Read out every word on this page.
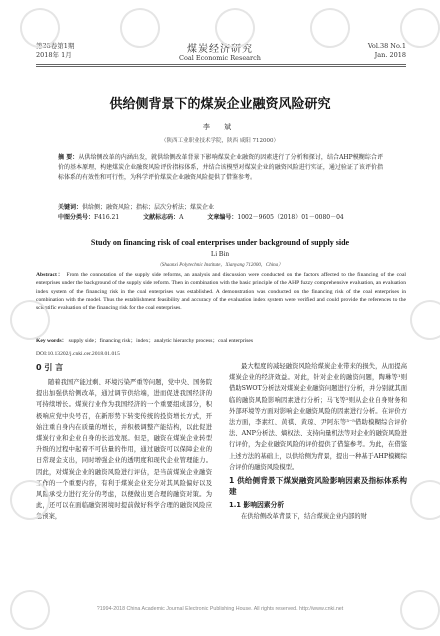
第38卷第1期
2018年 1月	煤炭经济研究
Coal Economic Research
Vol.38 No.1
Jan. 2018
供给侧背景下的煤炭企业融资风险研究
李 斌
（陕西工业职业技术学院，陕西 咸阳 712000）
摘 要：从供给侧改革的内涵出发，就供给侧改革背景下影响煤炭企业融资的因素进行了分析和探讨，结合AHP模糊综合评价的基本原理，构建煤炭企业融资风险评价指标体系，并结合该模型对煤炭企业的融资风险进行实证，通过验证了该评价指标体系的有效性和可行性，为科学评价煤炭企业融资风险提供了借鉴参考。
关键词：供给侧；融资风险；指标；层次分析法；煤炭企业
中图分类号：F416.21	文献标志码：A	文章编号：1002－9605（2018）01－0080－04
Study on financing risk of coal enterprises under background of supply side
Li Bin
（Shaanxi Polytechnic Institute，Xianyang 712000，China）
Abstract： From the connotation of the supply side reforms, an analysis and discussion were conducted on the factors affected to the financing of the coal enterprises under the background of the supply side reform. Then in combination with the basic principle of the AHP fuzzy comprehensive evaluation, an evaluation index system of the financing risk in the coal enterprises was established. A demonstration was conducted on the financing risk of the coal enterprises in combination with the model. Thus the establishment feasibility and accuracy of the evaluation index system were verified and could provide the references to the scientific evaluation of the financing risk for the coal enterprises.
Key words： supply side；financing risk；index；analytic hierarchy process；coal enterprises
DOI:10.13202/j.cnki.cer.2018.01.015
0 引 言
随着我国产能过剩、环境污染严重等问题，党中央、国务院提出加强供给侧改革，通过调节供给端，进而促进我国经济的可持续增长。煤炭行业作为我国经济的一个重要组成部分，积极响应党中央号召，在新形势下转变传统的投资增长方式，开始注重自身内在质量的增长，并积极调整产能结构，以此促进煤炭行业和企业自身的长远发展。但是，融资在煤炭企业转型升级的过程中起着不可估量的作用，通过融资可以保障企业的日常现金支出，同时增强企业的透明度和现代企业管理能力。因此，对煤炭企业的融资风险进行评估，是当前煤炭企业融资工作的一个重要内容，有利于煤炭企业充分对其风险偏好以及风险承受力进行充分的考虑，以便做出更合理的融资对策。为此，还可以在面临融资困境时提前做好科学合理的融资风险应急预案，
最大程度的减轻融资风险给煤炭企业带来的损失，从而提高煤炭企业的经济效益。对此，针对企业的融资问题，陶琳等¹则借助SWOT分析法对煤炭企业融资问题进行分析，并分别就其面临的融资风险影响因素进行分析；马飞等²则从企业自身财务和外部环境等方面对影响企业融资风险的因素进行分析。在评价方法方面，李素红、黄祺、黄琼、尹阿东等³⁻⁵借助模糊综合评价法、ANP分析法、熵权法、支持向量机法等对企业的融资风险进行评价，为企业融资风险的评价提供了借鉴参考。为此，在借鉴上述方法的基础上，以供给侧为背景，提出一种基于AHP模糊综合评价的融资风险模型。
1 供给侧背景下煤炭融资风险影响因素及指标体系构建
1.1 影响因素分析
在供给侧改革背景下，结合煤炭企业内部的财
?1994-2018 China Academic Journal Electronic Publishing House. All rights reserved. http://www.cnki.net
